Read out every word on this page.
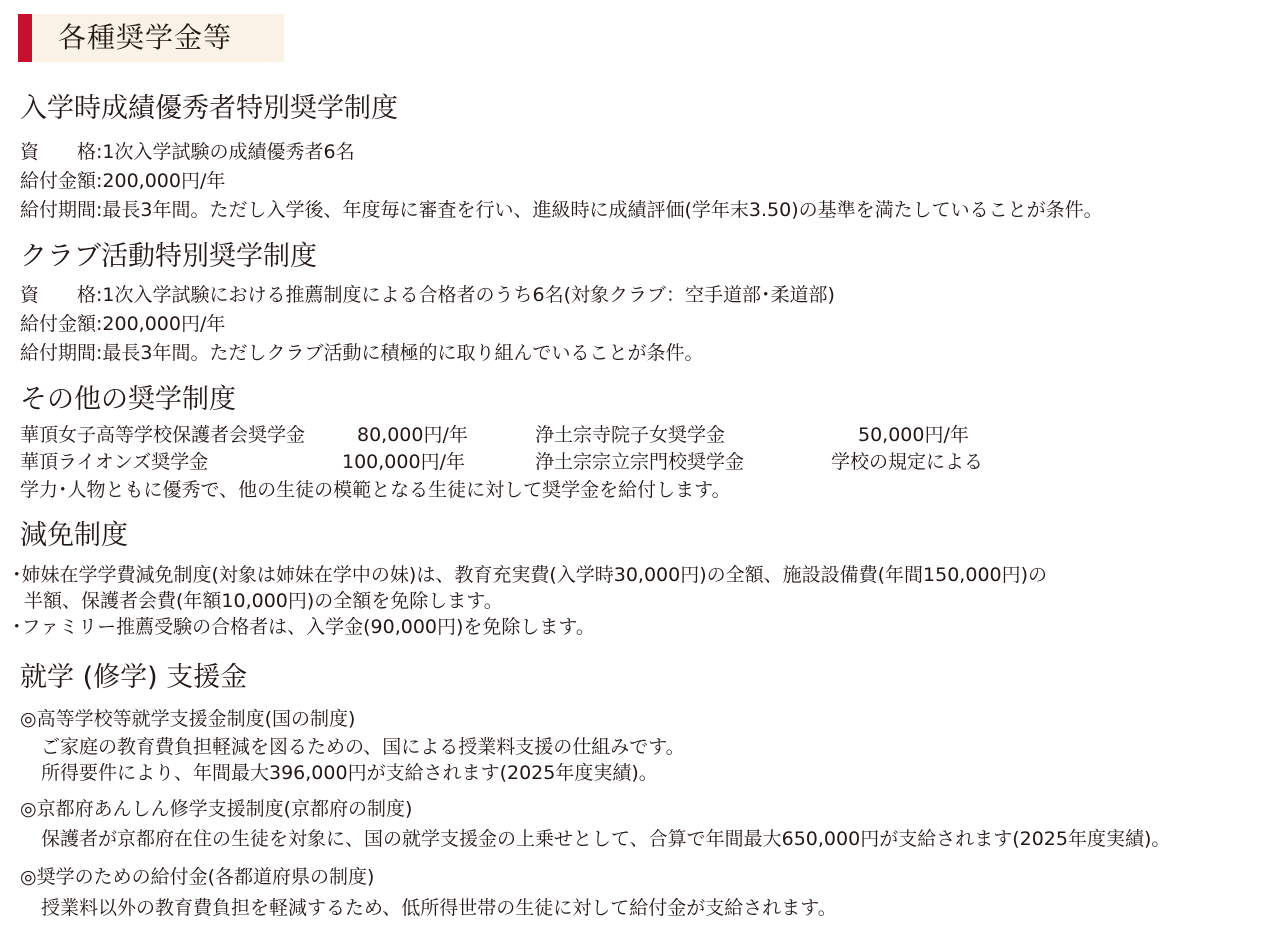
各種奨学金等
入学時成績優秀者特別奨学制度
資　　格:1次入学試験の成績優秀者6名
給付金額:200,000円/年
給付期間:最長3年間。ただし入学後、年度毎に審査を行い、進級時に成績評価(学年末3.50)の基準を満たしていることが条件。
クラブ活動特別奨学制度
資　　格:1次入学試験における推薦制度による合格者のうち6名(対象クラブ：空手道部･柔道部)
給付金額:200,000円/年
給付期間:最長3年間。ただしクラブ活動に積極的に取り組んでいることが条件。
その他の奨学制度
華頂女子高等学校保護者会奨学金	80,000円/年	浄土宗寺院子女奨学金	50,000円/年
華頂ライオンズ奨学金	100,000円/年	浄土宗宗立宗門校奨学金	学校の規定による
学力･人物ともに優秀で、他の生徒の模範となる生徒に対して奨学金を給付します。
減免制度
･姉妹在学学費減免制度(対象は姉妹在学中の妹)は、教育充実費(入学時30,000円)の全額、施設設備費(年間150,000円)の
半額、保護者会費(年額10,000円)の全額を免除します。
･ファミリー推薦受験の合格者は、入学金(90,000円)を免除します。
就学 (修学) 支援金
◎高等学校等就学支援金制度(国の制度)
ご家庭の教育費負担軽減を図るための、国による授業料支援の仕組みです。
所得要件により、年間最大396,000円が支給されます(2025年度実績)。
◎京都府あんしん修学支援制度(京都府の制度)
保護者が京都府在住の生徒を対象に、国の就学支援金の上乗せとして、合算で年間最大650,000円が支給されます(2025年度実績)。
◎奨学のための給付金(各都道府県の制度)
授業料以外の教育費負担を軽減するため、低所得世帯の生徒に対して給付金が支給されます。
